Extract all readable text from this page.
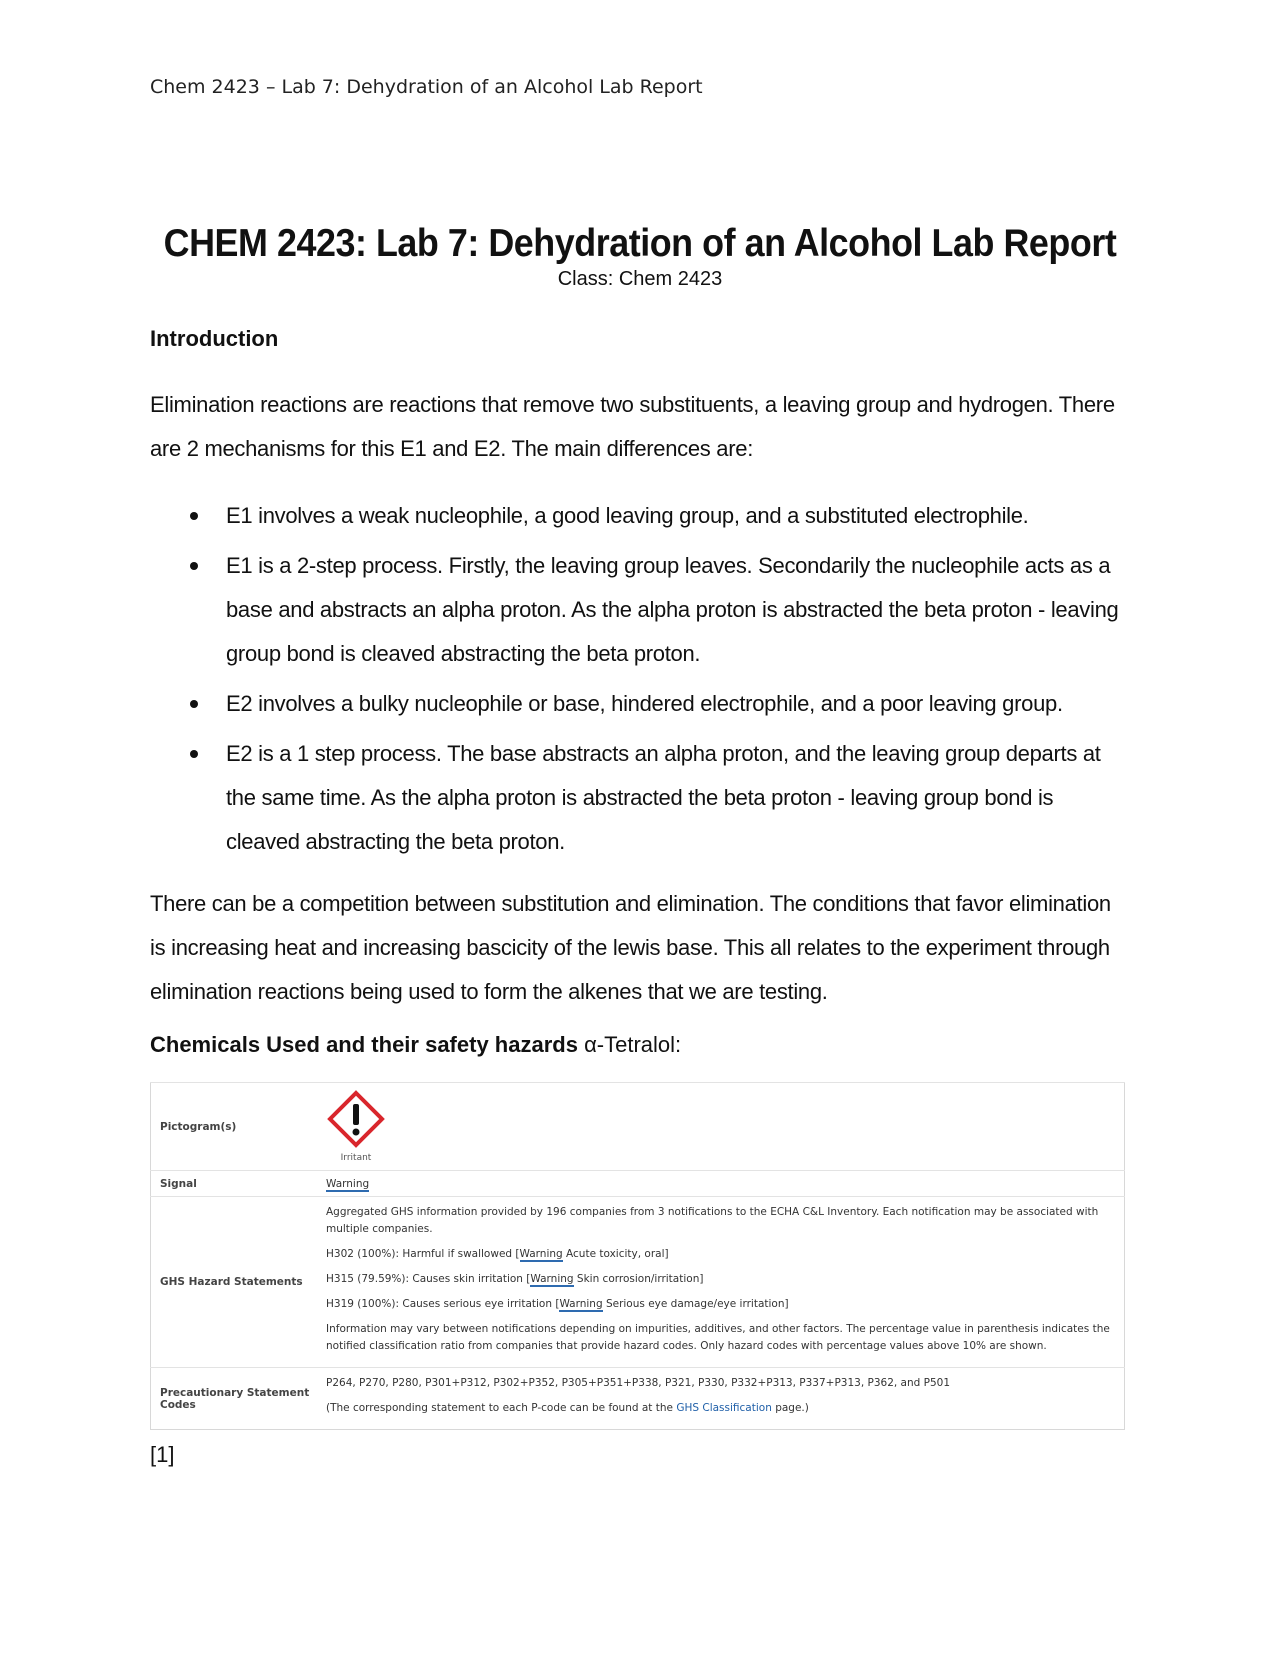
Chem 2423 – Lab 7: Dehydration of an Alcohol Lab Report
CHEM 2423: Lab 7: Dehydration of an Alcohol Lab Report
Class: Chem 2423
Introduction
Elimination reactions are reactions that remove two substituents, a leaving group and hydrogen. There are 2 mechanisms for this E1 and E2. The main differences are:
E1 involves a weak nucleophile, a good leaving group, and a substituted electrophile.
E1 is a 2-step process. Firstly, the leaving group leaves. Secondarily the nucleophile acts as a base and abstracts an alpha proton. As the alpha proton is abstracted the beta proton - leaving group bond is cleaved abstracting the beta proton.
E2 involves a bulky nucleophile or base, hindered electrophile, and a poor leaving group.
E2 is a 1 step process. The base abstracts an alpha proton, and the leaving group departs at the same time. As the alpha proton is abstracted the beta proton - leaving group bond is cleaved abstracting the beta proton.
There can be a competition between substitution and elimination. The conditions that favor elimination is increasing heat and increasing bascicity of the lewis base. This all relates to the experiment through elimination reactions being used to form the alkenes that we are testing.
Chemicals Used and their safety hazards α-Tetralol:
Pictogram(s)	Irritant
Signal	Warning
GHS Hazard Statements	Aggregated GHS information provided by 196 companies from 3 notifications to the ECHA C&L Inventory. Each notification may be associated with multiple companies.

H302 (100%): Harmful if swallowed [Warning Acute toxicity, oral]

H315 (79.59%): Causes skin irritation [Warning Skin corrosion/irritation]

H319 (100%): Causes serious eye irritation [Warning Serious eye damage/eye irritation]

Information may vary between notifications depending on impurities, additives, and other factors. The percentage value in parenthesis indicates the notified classification ratio from companies that provide hazard codes. Only hazard codes with percentage values above 10% are shown.

Precautionary Statement Codes	P264, P270, P280, P301+P312, P302+P352, P305+P351+P338, P321, P330, P332+P313, P337+P313, P362, and P501

(The corresponding statement to each P-code can be found at the GHS Classification page.)

[1]
